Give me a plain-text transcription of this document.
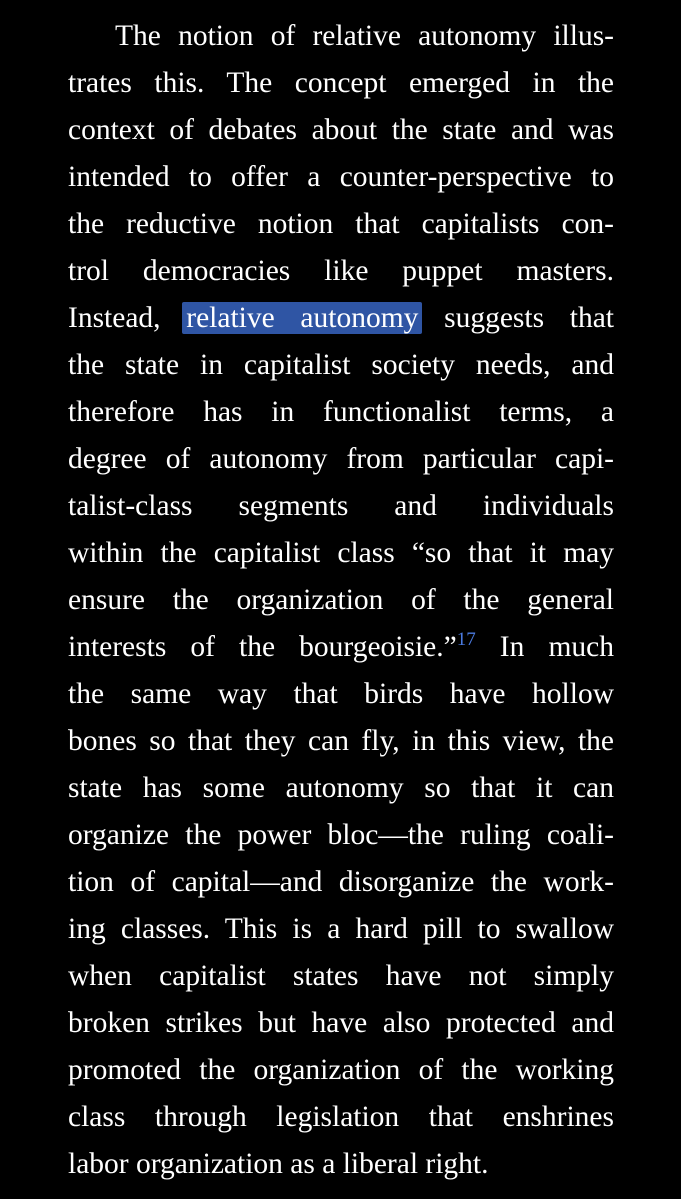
The notion of relative autonomy illus-
trates this. The concept emerged in the
context of debates about the state and was
intended to offer a counter-perspective to
the reductive notion that capitalists con-
trol democracies like puppet masters.
Instead, relative autonomy suggests that
the state in capitalist society needs, and
therefore has in functionalist terms, a
degree of autonomy from particular capi-
talist-class segments and individuals
within the capitalist class “so that it may
ensure the organization of the general
interests of the bourgeoisie.”$^{17}$ In much
the same way that birds have hollow
bones so that they can fly, in this view, the
state has some autonomy so that it can
organize the power bloc—the ruling coali-
tion of capital—and disorganize the work-
ing classes. This is a hard pill to swallow
when capitalist states have not simply
broken strikes but have also protected and
promoted the organization of the working
class through legislation that enshrines
labor organization as a liberal right.
